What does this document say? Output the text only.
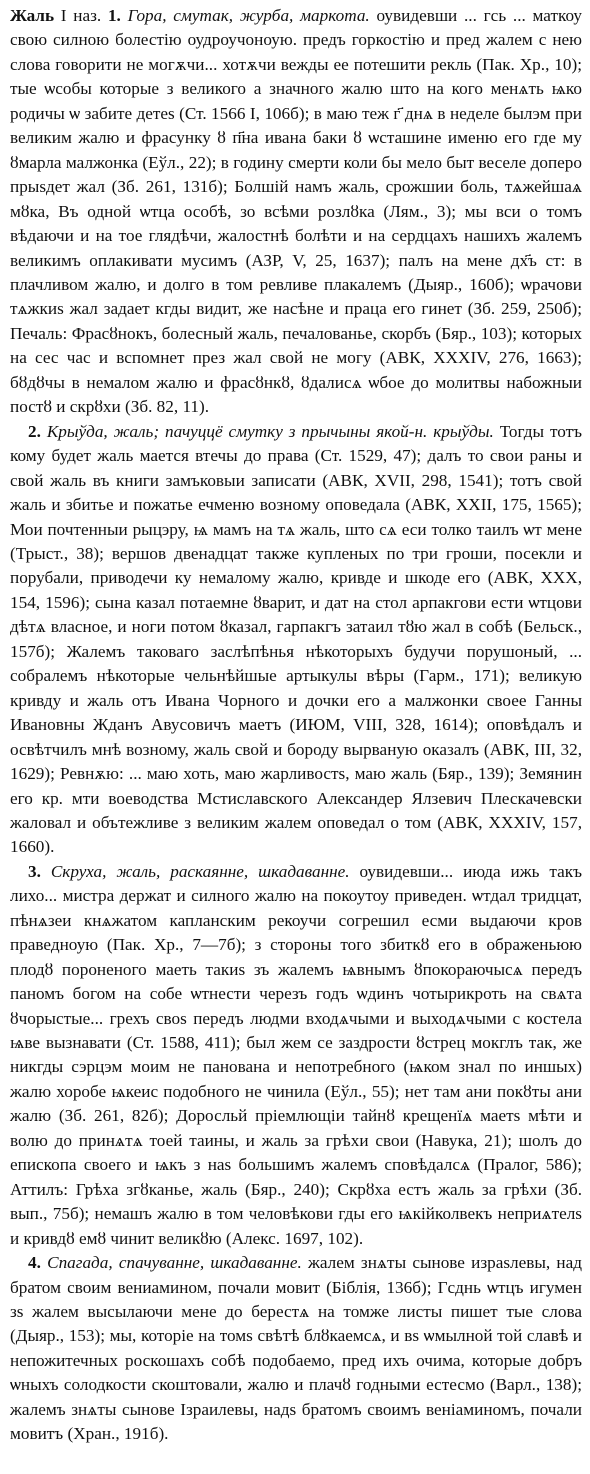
Жаль I наз. 1. Гора, смутак, журба, маркота. оувидевши ... гсь ... маткоу свою силною болестію оудроучоноую. предъ горкостію и пред жалем с нею слова говорити не могѫчи... хотѫчи вежды ее потешити рекль (Пак. Хр., 10); тые ѡсобы которые з великого а значного жалю што на кого менѧть ѩко родичы ѡ забите детеs (Ст. 1566 I, 106б); в маю теж г҃ днѧ в неделе былэм при великим жалю и фрасунку ȣ п҃на ивана баки ȣ ѡсташине именю его где му ȣмарла малжонка (Еўл., 22); в годину смерти коли бы мело быт веселе доперо прыsдет жал (Зб. 261, 131б); Болшій намъ жаль, срожшии боль, тѧжейшаѧ мȣка, Въ одной ѡтца особѣ, зо всѣми розлȣка (Лям., 3); мы вси о томъ вѣдаючи и на тое глядѣчи, жалостнѣ болѣти и на сердцахъ нашихъ жалемъ великимъ оплакивати мусимъ (АЗР, V, 25, 1637); палъ на мене дх҃ъ ст: в плачливом жалю, и долго в том ревливе плакалемъ (Дыяр., 160б); ѡрачови тѧжкиs жал задает кгды видит, же насѣне и праца его гинет (Зб. 259, 250б); Печаль: Фрасȣнокъ, болесный жаль, печалованье, скорбъ (Бяр., 103); которых на сес час и вспомнет през жал свой не могу (АВК, XXXIV, 276, 1663); бȣдȣчы в немалом жалю и фрасȣнкȣ, ȣдалисѧ ѡбое до молитвы набожныи постȣ и скрȣхи (Зб. 82, 11).

2. Крыўда, жаль; пачуццё смутку з прычыны якой-н. крыўды. Тогды тотъ кому будет жаль мается втечы до права (Ст. 1529, 47); далъ то свои раны и свой жаль въ книги замъковыи записати (АВК, XVII, 298, 1541); тотъ свой жаль и збитье и пожатье ечменю возному оповедала (АВК, XXII, 175, 1565); Мои почтенныи рыцэру, ѩ мамъ на тѧ жаль, што сѧ еси толко таилъ ѡт мене (Трыст., 38); вершов двенадцат также купленых по три гроши, посекли и порубали, приводечи ку немалому жалю, кривде и шкоде его (АВК, XXX, 154, 1596); сына казал потаемне ȣварит, и дат на стол арпакгови ести ѡтцови дѣтѧ власное, и ноги потом ȣказал, гарпакгъ затаил тȣю жал в собѣ (Бельск., 157б); Жалемъ таковаго заслѣпѣнья нѣкоторыхъ будучи порушоный, ... собралемъ нѣкоторые чельнѣйшые артыкулы вѣры (Гарм., 171); великую кривду и жаль отъ Ивана Чорного и дочки его а малжонки своее Ганны Ивановны Жданъ Авусовичъ маетъ (ИЮМ, VIII, 328, 1614); оповѣдалъ и освѣтчилъ мнѣ возному, жаль свой и бороду вырваную оказалъ (АВК, III, 32, 1629); Ревнѫю: ... маю хоть, маю жарливостs, маю жаль (Бяр., 139); Земянин его кр. мти воеводства Мстиславского Александер Ялзевич Плескачевски жаловал и обътежливе з великим жалем оповедал о том (АВК, XXXIV, 157, 1660).

3. Скруха, жаль, раскаянне, шкадаванне. оувидевши... июда ижь такъ лихо... мистра держат и силного жалю на покоутоу приведен. ѡтдал тридцат, пѣнѧзеи кнѧжатом капланским рекоучи согрешил есми выдаючи кров праведноую (Пак. Хр., 7—7б); з стороны того збиткȣ его в ображеньюю плодȣ пороненого маеть такиs зъ жалемъ ѩвнымъ ȣпокораючысѧ передъ паномъ богом на собе ѡтнести черезъ годъ ѡдинъ чотырикроть на свѧта ȣчорыстые... грехъ своs передъ людми входѧчыми и выходѧчыми с костела ѩве вызнавати (Ст. 1588, 411); был жем се заздрости ȣстрец мокглъ так, же никгды сэрцэм моим не панована и непотребного (ѩком знал по иншых) жалю хоробе ѩкеис подобного не чинила (Еўл., 55); нет там ани покȣты ани жалю (Зб. 261, 82б); Доросльй пріемлющіи тайнȣ крещенїѧ маетs мѣти и волю до принѧтѧ тоей таины, и жаль за грѣхи свои (Навука, 21); шолъ до епископа своего и ѩкъ з наs большимъ жалемъ сповѣдалсѧ (Пралог, 586); Аттилъ: Грѣха згȣканье, жаль (Бяр., 240); Скрȣха естъ жаль за грѣхи (Зб. вып., 75б); немашъ жалю в том человѣкови гды его ѩкійколвекъ неприѧтелs и кривдȣ емȣ чинит великȣю (Алекс. 1697, 102).

4. Спагада, спачуванне, шкадаванне. жалем знѧты сынове израsлевы, над братом своим вениамином, почали мовит (Біблія, 136б); Гсднь ѡтцъ игумен зs жалем высылаючи мене до берестѧ на томже листы пишет тые слова (Дыяр., 153); мы, которіе на томs свѣтѣ блȣкаемсѧ, и вs ѡмылной той славѣ и непожитечных роскошахъ собѣ подобаемо, пред ихъ очима, которые добръ ѡныхъ солодкости скоштовали, жалю и плачȣ годными естесмо (Варл., 138); жалемъ знѧты сынове Ізраилевы, надs братомъ своимъ веніаминомъ, почали мовитъ (Хран., 191б).
